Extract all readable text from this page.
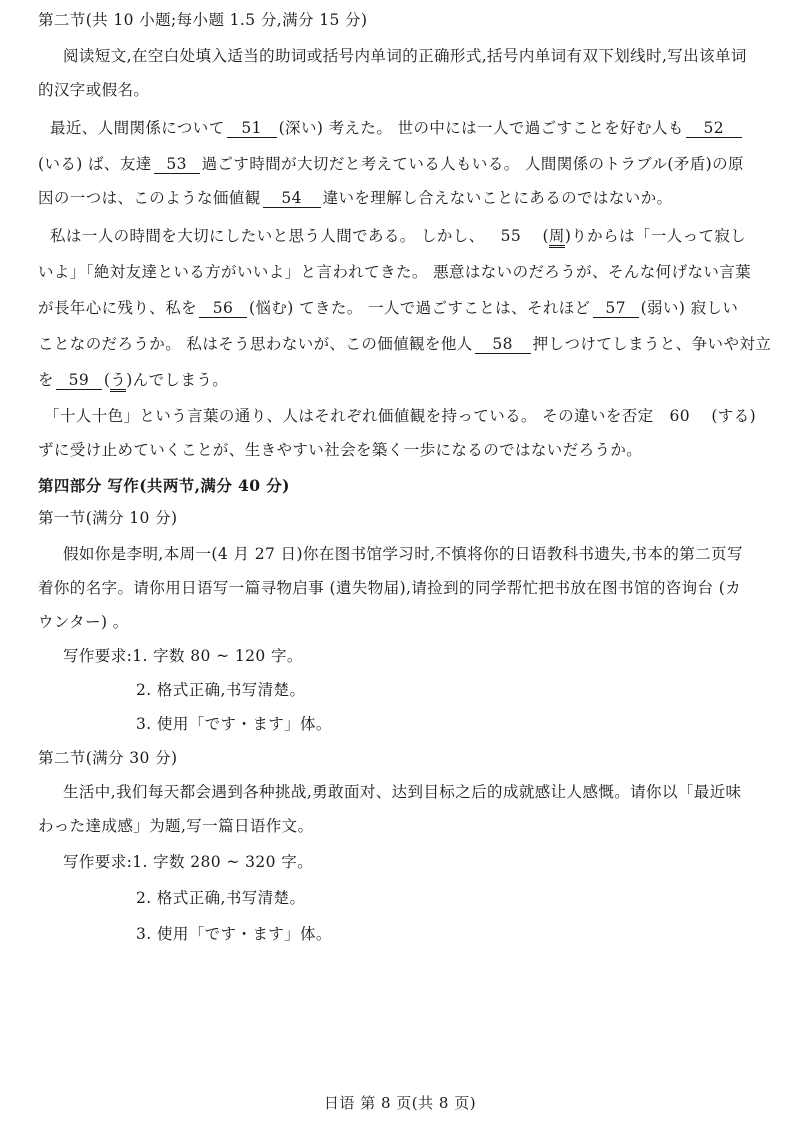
第二节(共 10 小题;每小题 1.5 分,满分 15 分)
阅读短文,在空白处填入适当的助词或括号内单词的正确形式,括号内单词有双下划线时,写出该单词
的汉字或假名。
最近、人間関係について 51 (深い) 考えた。 世の中には一人で過ごすことを好む人も 52
(いる) ば、友達 53 過ごす時間が大切だと考えている人もいる。 人間関係のトラブル(矛盾)の原
因の一つは、このような価値観 54 違いを理解し合えないことにあるのではないか。
私は一人の時間を大切にしたいと思う人間である。 しかし、 55    (周)りからは「一人って寂し
いよ」「絶対友達といる方がいいよ」と言われてきた。 悪意はないのだろうが、そんな何げない言葉
が長年心に残り、私を 56 (悩む) てきた。 一人で過ごすことは、それほど 57 (弱い) 寂しい
ことなのだろうか。 私はそう思わないが、この価値観を他人 58 押しつけてしまうと、争いや対立
を 59 (う)んでしまう。
「十人十色」という言葉の通り、人はそれぞれ価値観を持っている。 その違いを否定 60 (する)
ずに受け止めていくことが、生きやすい社会を築く一歩になるのではないだろうか。
第四部分 写作(共两节,满分 40 分)
第一节(满分 10 分)
假如你是李明,本周一(4 月 27 日)你在图书馆学习时,不慎将你的日语教科书遗失,书本的第二页写
着你的名字。请你用日语写一篇寻物启事 (遺失物届),请捡到的同学帮忙把书放在图书馆的咨询台 (カ
ウンター) 。
写作要求:1. 字数 80 ~ 120 字。
2. 格式正确,书写清楚。
3. 使用「です・ます」体。
第二节(满分 30 分)
生活中,我们每天都会遇到各种挑战,勇敢面对、达到目标之后的成就感让人感慨。请你以「最近味
わった達成感」为题,写一篇日语作文。
写作要求:1. 字数 280 ~ 320 字。
2. 格式正确,书写清楚。
3. 使用「です・ます」体。
日语 第 8 页(共 8 页)
